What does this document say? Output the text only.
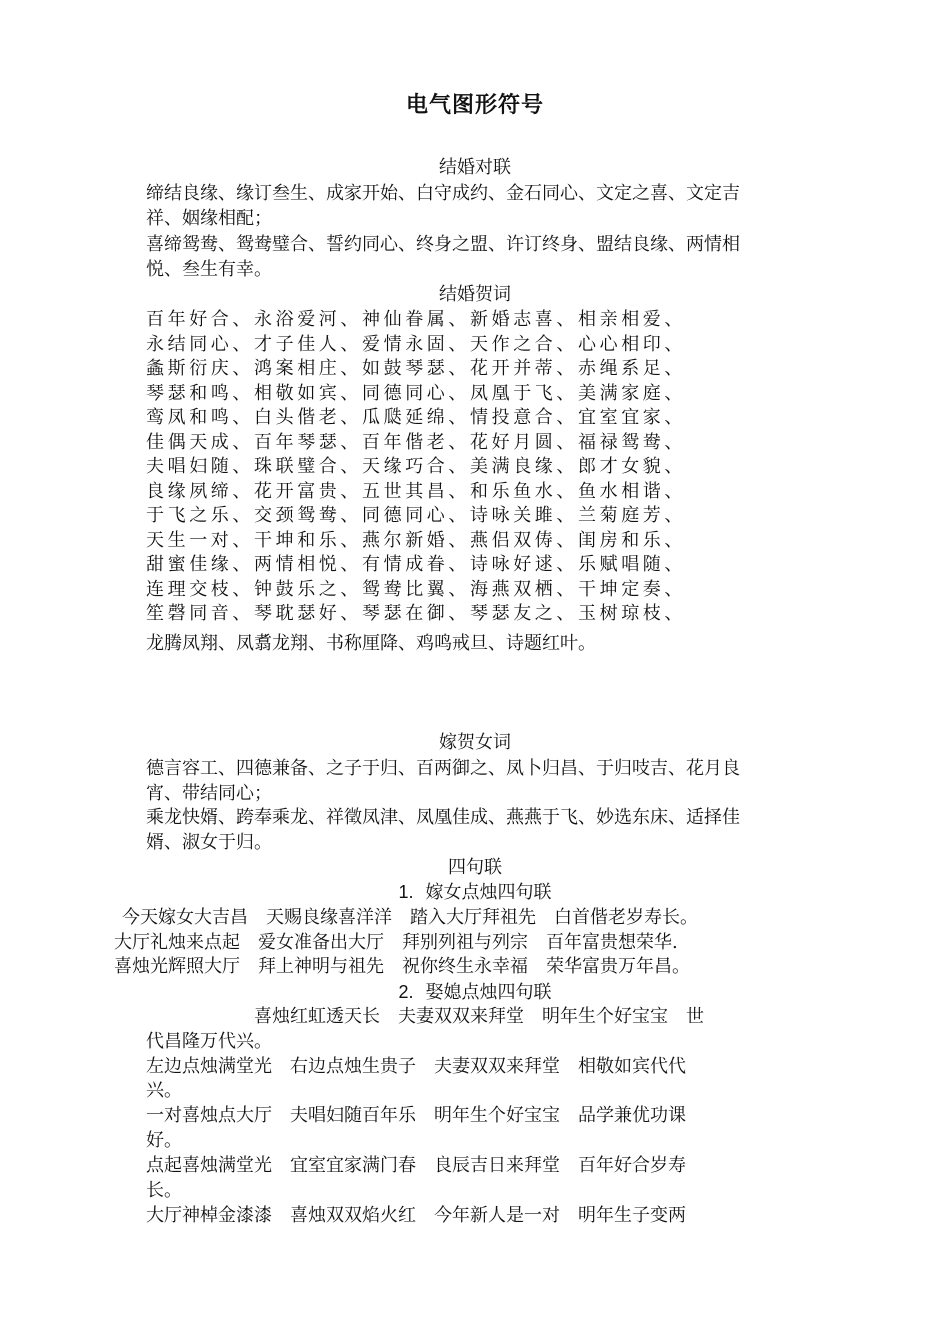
电气图形符号
结婚对联
缔结良缘、缘订叁生、成家开始、白守成约、金石同心、文定之喜、文定吉
祥、姻缘相配；
喜缔鸳鸯、鸳鸯璧合、誓约同心、终身之盟、许订终身、盟结良缘、两情相
悦、叁生有幸。
结婚贺词
百年好合、永浴爱河、神仙眷属、新婚志喜、相亲相爱、
永结同心、才子佳人、爱情永固、天作之合、心心相印、
螽斯衍庆、鸿案相庄、如鼓琴瑟、花开并蒂、赤绳系足、
琴瑟和鸣、相敬如宾、同德同心、凤凰于飞、美满家庭、
鸾凤和鸣、白头偕老、瓜瓞延绵、情投意合、宜室宜家、
佳偶天成、百年琴瑟、百年偕老、花好月圆、福禄鸳鸯、
夫唱妇随、珠联璧合、天缘巧合、美满良缘、郎才女貌、
良缘夙缔、花开富贵、五世其昌、和乐鱼水、鱼水相谐、
于飞之乐、交颈鸳鸯、同德同心、诗咏关雎、兰菊庭芳、
天生一对、干坤和乐、燕尔新婚、燕侣双俦、闺房和乐、
甜蜜佳缘、两情相悦、有情成眷、诗咏好逑、乐赋唱随、
连理交枝、钟鼓乐之、鸳鸯比翼、海燕双栖、干坤定奏、
笙磬同音、琴耽瑟好、琴瑟在御、琴瑟友之、玉树琼枝、
龙腾凤翔、凤翥龙翔、书称厘降、鸡鸣戒旦、诗题红叶。
嫁贺女词
德言容工、四德兼备、之子于归、百两御之、凤卜归昌、于归吱吉、花月良
宵、带结同心；
乘龙快婿、跨奉乘龙、祥徵凤津、凤凰佳成、燕燕于飞、妙选东床、适择佳
婿、淑女于归。
四句联
1. 嫁女点烛四句联
今天嫁女大吉昌　天赐良缘喜洋洋　踏入大厅拜祖先　白首偕老岁寿长。
大厅礼烛来点起　爱女准备出大厅　拜别列祖与列宗　百年富贵想荣华.
喜烛光辉照大厅　拜上神明与祖先　祝你终生永幸福　荣华富贵万年昌。
2. 娶媳点烛四句联
喜烛红虹透天长　夫妻双双来拜堂　明年生个好宝宝　世
代昌隆万代兴。
左边点烛满堂光　右边点烛生贵子　夫妻双双来拜堂　相敬如宾代代
兴。
一对喜烛点大厅　夫唱妇随百年乐　明年生个好宝宝　品学兼优功课
好。
点起喜烛满堂光　宜室宜家满门春　良辰吉日来拜堂　百年好合岁寿
长。
大厅神棹金漆漆　喜烛双双焰火红　今年新人是一对　明年生子变两
